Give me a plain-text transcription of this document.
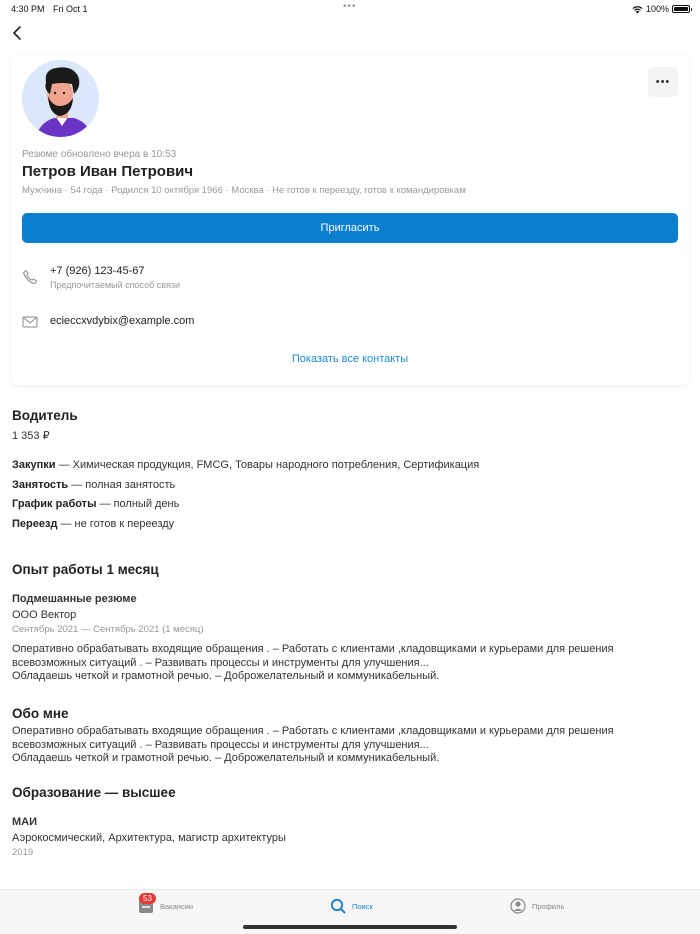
4:30 PM Fri Oct 1	•••	100%
•••
Резюме обновлено вчера в 10:53
Петров Иван Петрович
Мужчина · 54 года · Родился 10 октября 1966 · Москва · Не готов к переезду, готов к командировкам
Пригласить
+7 (926) 123-45-67
Предпочитаемый способ связи
ecieccxvdybix@example.com
Показать все контакты
Водитель
1 353 ₽
Закупки — Химическая продукция, FMCG, Товары народного потребления, Сертификация
Занятость — полная занятость
График работы — полный день
Переезд — не готов к переезду
Опыт работы 1 месяц
Подмешанные резюме
ООО Вектор
Сентябрь 2021 — Сентябрь 2021 (1 месяц)
Оперативно обрабатывать входящие обращения . – Работать с клиентами ,кладовщиками и курьерами для решения
всевозможных ситуаций . – Развивать процессы и инструменты для улучшения...
Обладаешь четкой и грамотной речью. – Доброжелательный и коммуникабельный.
Обо мне
Оперативно обрабатывать входящие обращения . – Работать с клиентами ,кладовщиками и курьерами для решения
всевозможных ситуаций . – Развивать процессы и инструменты для улучшения...
Обладаешь четкой и грамотной речью. – Доброжелательный и коммуникабельный.
Образование — высшее
МАИ
Аэрокосмический, Архитектура, магистр архитектуры
2019
53
Вакансии	Поиск	Профиль
